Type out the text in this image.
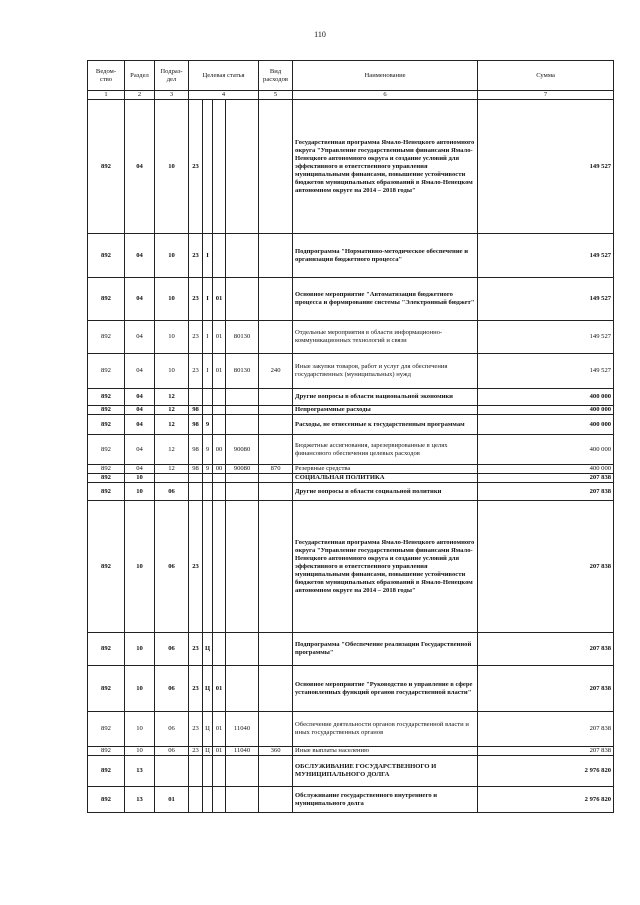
110
Ведом-ство	Раздел	Подраз-дел	Целевая статья				Вид расходов	Наименование	Сумма
1	2	3	4				5	6	7
892	04	10	23					Государственная программа Ямало-Ненецкого автономного округа "Управление государственными финансами Ямало-Ненецкого автономного округа и создание условий для эффективного и ответственного управления муниципальными финансами, повышение устойчивости бюджетов муниципальных образований в Ямало-Ненецком автономном округе на 2014 – 2018 годы"	149 527
892	04	10	23	I				Подпрограмма "Нормативно-методическое обеспечение и организация бюджетного процесса"	149 527
892	04	10	23	I	01			Основное мероприятие "Автоматизация бюджетного процесса и формирование системы "Электронный бюджет"	149 527
892	04	10	23	I	01	80130		Отдельные мероприятия в области информационно-коммуникационных технологий и связи	149 527
892	04	10	23	I	01	80130	240	Иные закупки товаров, работ и услуг для обеспечения государственных (муниципальных) нужд	149 527
892	04	12						Другие вопросы в области национальной экономики	400 000
892	04	12	98					Непрограммные расходы	400 000
892	04	12	98	9				Расходы, не отнесенные к государственным программам	400 000
892	04	12	98	9	00	90080		Бюджетные ассигнования, зарезервированные в целях финансового обеспечения целевых расходов	400 000
892	04	12	98	9	00	90080	870	Резервные средства	400 000
892	10							СОЦИАЛЬНАЯ ПОЛИТИКА	207 838
892	10	06						Другие вопросы в области социальной политики	207 838
892	10	06	23					Государственная программа Ямало-Ненецкого автономного округа "Управление государственными финансами Ямало-Ненецкого автономного округа и создание условий для эффективного и ответственного управления муниципальными финансами, повышение устойчивости бюджетов муниципальных образований в Ямало-Ненецком автономном округе на 2014 – 2018 годы"	207 838
892	10	06	23	Ц				Подпрограмма "Обеспечение реализации Государственной программы"	207 838
892	10	06	23	Ц	01			Основное мероприятие "Руководство и управление в сфере установленных функций органов государственной власти"	207 838
892	10	06	23	Ц	01	11040		Обеспечение деятельности органов государственной власти и иных государственных органов	207 838
892	10	06	23	Ц	01	11040	360	Иные выплаты населению	207 838
892	13							ОБСЛУЖИВАНИЕ ГОСУДАРСТВЕННОГО И МУНИЦИПАЛЬНОГО ДОЛГА	2 976 820
892	13	01						Обслуживание государственного внутреннего и муниципального долга	2 976 820
